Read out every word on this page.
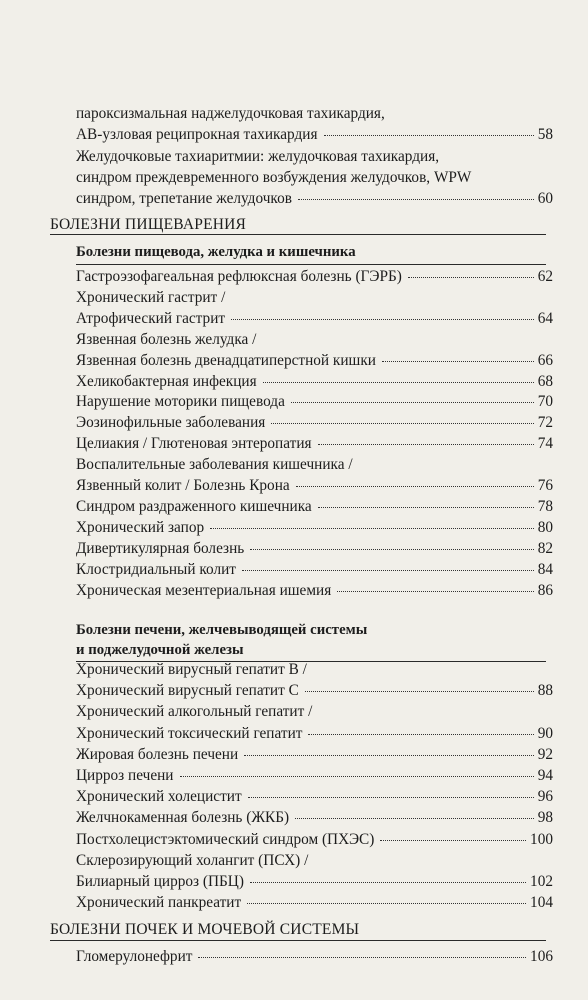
пароксизмальная наджелудочковая тахикардия,
АВ-узловая реципрокная тахикардия	58
Желудочковые тахиаритмии: желудочковая тахикардия,
синдром преждевременного возбуждения желудочков, WPW
синдром, трепетание желудочков	60
БОЛЕЗНИ ПИЩЕВАРЕНИЯ
Болезни пищевода, желудка и кишечника
Гастроэзофагеальная рефлюксная болезнь (ГЭРБ)	62
Хронический гастрит /
Атрофический гастрит	64
Язвенная болезнь желудка /
Язвенная болезнь двенадцатиперстной кишки	66
Хеликобактерная инфекция	68
Нарушение моторики пищевода	70
Эозинофильные заболевания	72
Целиакия / Глютеновая энтеропатия	74
Воспалительные заболевания кишечника /
Язвенный колит / Болезнь Крона	76
Синдром раздраженного кишечника	78
Хронический запор	80
Дивертикулярная болезнь	82
Клостридиальный колит	84
Хроническая мезентериальная ишемия	86
Болезни печени, желчевыводящей системы
и поджелудочной железы
Хронический вирусный гепатит В /
Хронический вирусный гепатит С	88
Хронический алкогольный гепатит /
Хронический токсический гепатит	90
Жировая болезнь печени	92
Цирроз печени	94
Хронический холецистит	96
Желчнокаменная болезнь (ЖКБ)	98
Постхолецистэктомический синдром (ПХЭС)	100
Склерозирующий холангит (ПСХ) /
Билиарный цирроз (ПБЦ)	102
Хронический панкреатит	104
БОЛЕЗНИ ПОЧЕК И МОЧЕВОЙ СИСТЕМЫ
Гломерулонефрит	106
